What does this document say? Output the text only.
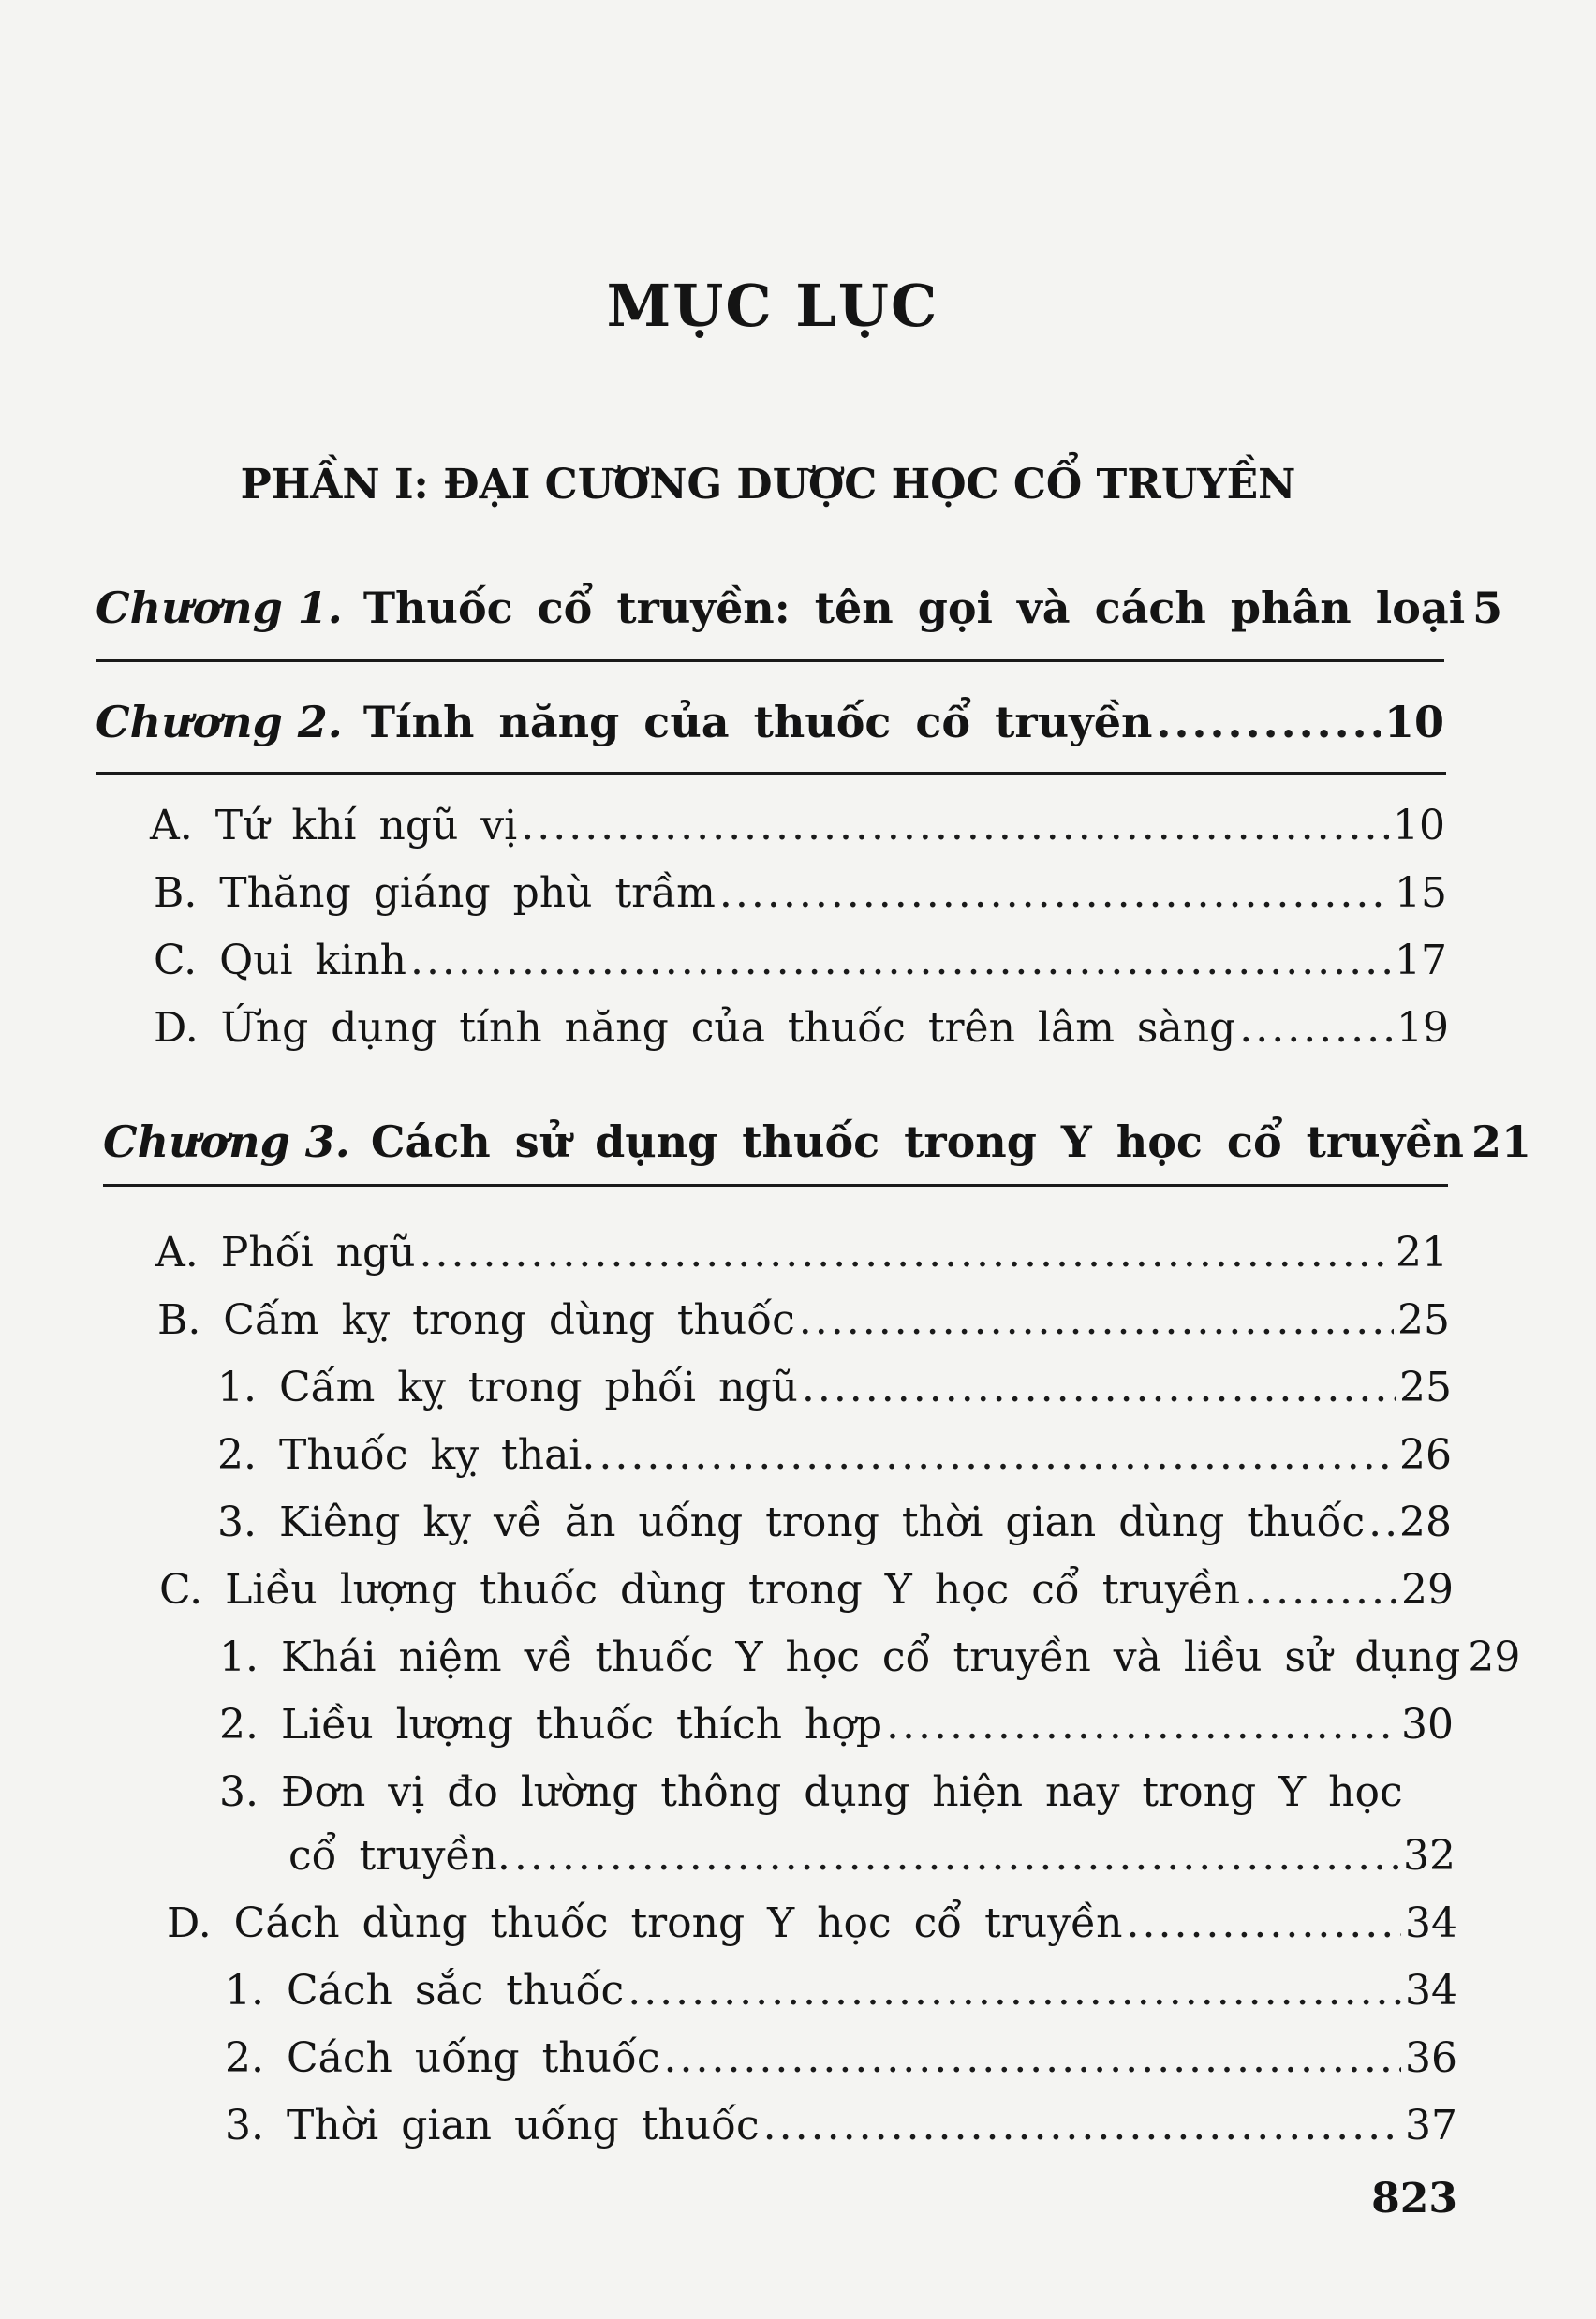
MỤC LỤC
PHẦN I: ĐẠI CƯƠNG DƯỢC HỌC CỔ TRUYỀN
Chương 1. Thuốc cổ truyền: tên gọi và cách phân loại 5
Chương 2. Tính năng của thuốc cổ truyền .....	10
A. Tứ khí ngũ vị .....	10
B. Thăng giáng phù trầm .....	15
C. Qui kinh .....	17
D. Ứng dụng tính năng của thuốc trên lâm sàng .....	19
Chương 3. Cách sử dụng thuốc trong Y học cổ truyền 21
A. Phối ngũ .....	21
B. Cấm kỵ trong dùng thuốc .....	25
1. Cấm kỵ trong phối ngũ .....	25
2. Thuốc kỵ thai. .....	26
3. Kiêng kỵ về ăn uống trong thời gian dùng thuốc ..... 28
C. Liều lượng thuốc dùng trong Y học cổ truyền .....	29
1. Khái niệm về thuốc Y học cổ truyền và liều sử dụng 29
2. Liều lượng thuốc thích hợp .....	30
3. Đơn vị đo lường thông dụng hiện nay trong Y học
cổ truyền. .....	32
D. Cách dùng thuốc trong Y học cổ truyền .....	34
1. Cách sắc thuốc .....	34
2. Cách uống thuốc .....	36
3. Thời gian uống thuốc .....	37
823
